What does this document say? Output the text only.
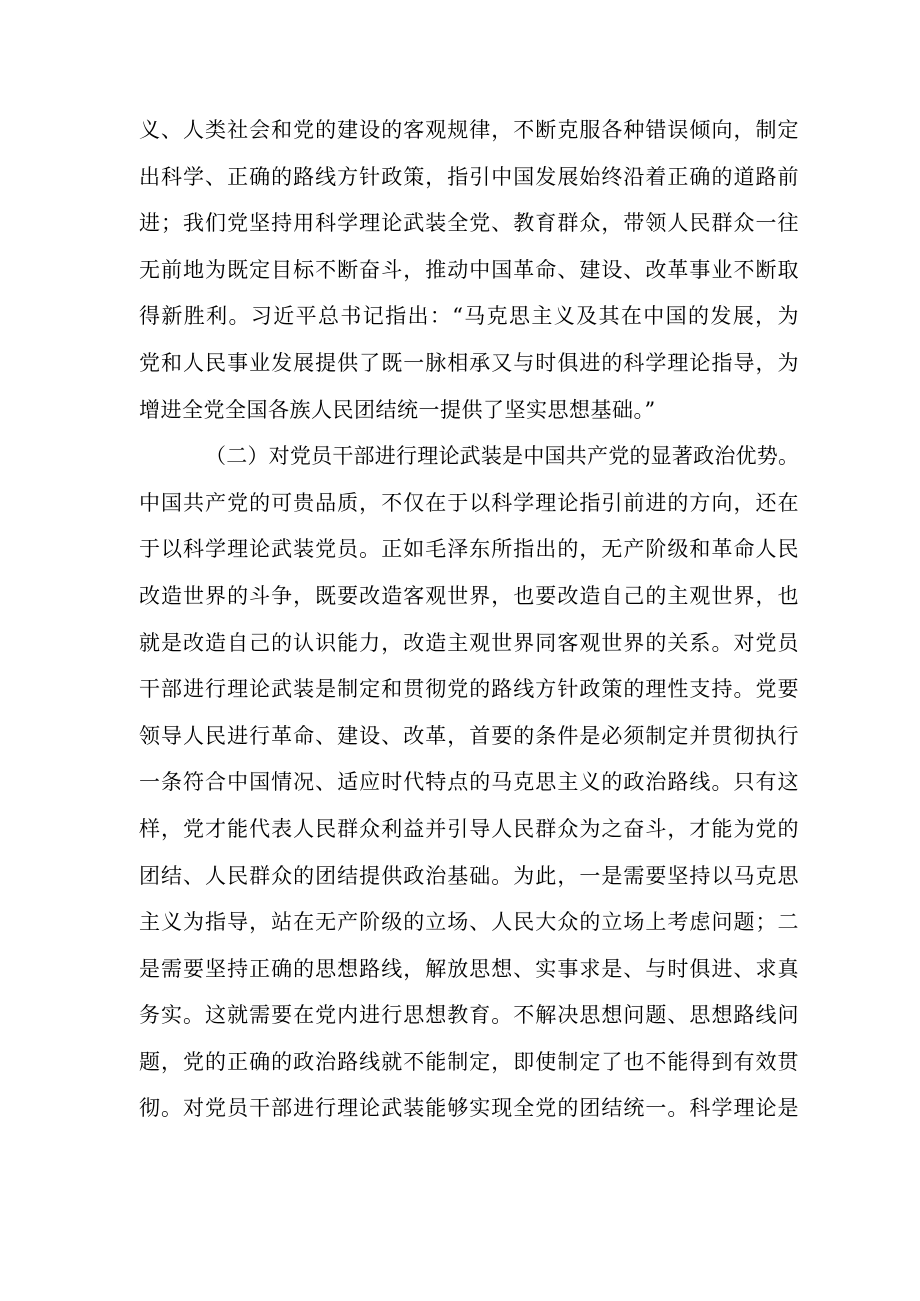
义、人类社会和党的建设的客观规律，不断克服各种错误倾向，制定
出科学、正确的路线方针政策，指引中国发展始终沿着正确的道路前
进；我们党坚持用科学理论武装全党、教育群众，带领人民群众一往
无前地为既定目标不断奋斗，推动中国革命、建设、改革事业不断取
得新胜利。习近平总书记指出：“马克思主义及其在中国的发展，为
党和人民事业发展提供了既一脉相承又与时俱进的科学理论指导，为
增进全党全国各族人民团结统一提供了坚实思想基础。”
（二）对党员干部进行理论武装是中国共产党的显著政治优势。
中国共产党的可贵品质，不仅在于以科学理论指引前进的方向，还在
于以科学理论武装党员。正如毛泽东所指出的，无产阶级和革命人民
改造世界的斗争，既要改造客观世界，也要改造自己的主观世界，也
就是改造自己的认识能力，改造主观世界同客观世界的关系。对党员
干部进行理论武装是制定和贯彻党的路线方针政策的理性支持。党要
领导人民进行革命、建设、改革，首要的条件是必须制定并贯彻执行
一条符合中国情况、适应时代特点的马克思主义的政治路线。只有这
样，党才能代表人民群众利益并引导人民群众为之奋斗，才能为党的
团结、人民群众的团结提供政治基础。为此，一是需要坚持以马克思
主义为指导，站在无产阶级的立场、人民大众的立场上考虑问题；二
是需要坚持正确的思想路线，解放思想、实事求是、与时俱进、求真
务实。这就需要在党内进行思想教育。不解决思想问题、思想路线问
题，党的正确的政治路线就不能制定，即使制定了也不能得到有效贯
彻。对党员干部进行理论武装能够实现全党的团结统一。科学理论是
